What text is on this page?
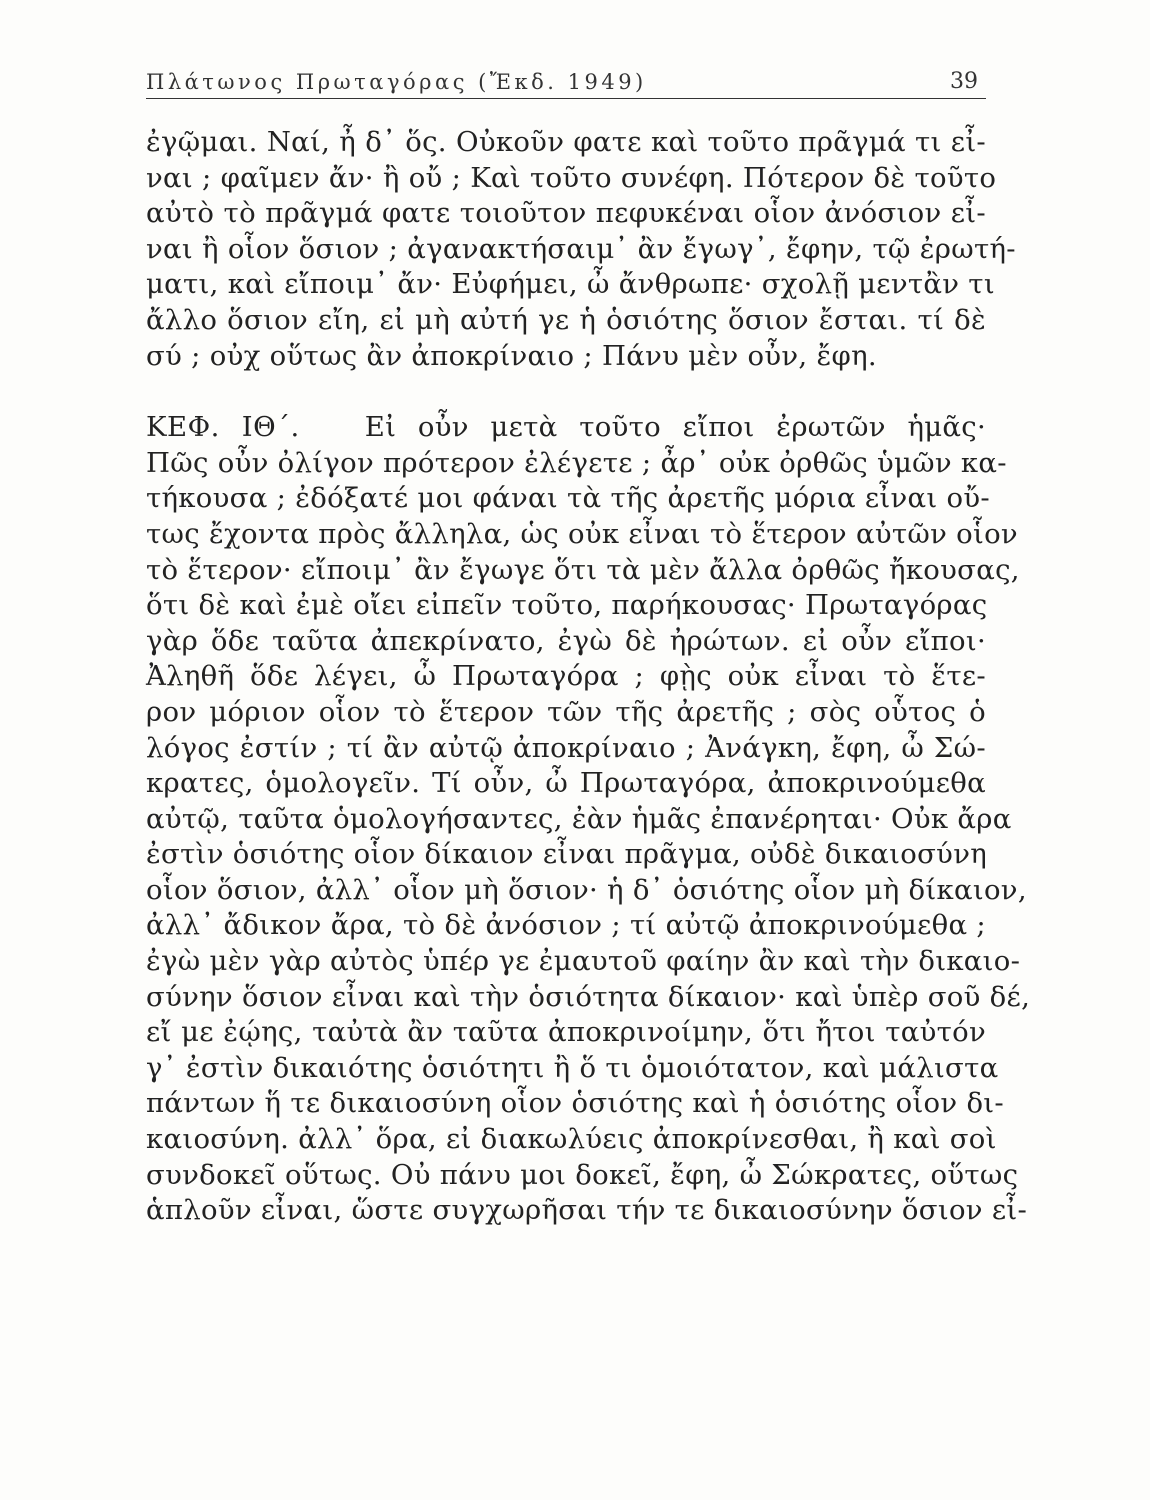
Πλάτωνος Πρωταγόρας (Ἔκδ. 1949)	39
ἐγῷμαι. Ναί, ἦ δ᾽ ὅς. Οὐκοῦν φατε καὶ τοῦτο πρᾶγμά τι εἶ-
ναι ; φαῖμεν ἄν· ἢ οὔ ; Καὶ τοῦτο συνέφη. Πότερον δὲ τοῦτο
αὐτὸ τὸ πρᾶγμά φατε τοιοῦτον πεφυκέναι οἷον ἀνόσιον εἶ-
ναι ἢ οἷον ὅσιον ; ἀγανακτήσαιμ᾽ ἂν ἔγωγ᾽, ἔφην, τῷ ἐρωτή-
ματι, καὶ εἴποιμ᾽ ἄν· Εὐφήμει, ὦ ἄνθρωπε· σχολῇ μεντἂν τι
ἄλλο ὅσιον εἴη, εἰ μὴ αὐτή γε ἡ ὁσιότης ὅσιον ἔσται. τί δὲ
σύ ; οὐχ οὕτως ἂν ἀποκρίναιο ; Πάνυ μὲν οὖν, ἔφη.
ΚΕΦ. ΙΘ΄. Εἰ οὖν μετὰ τοῦτο εἴποι ἐρωτῶν ἡμᾶς·
Πῶς οὖν ὀλίγον πρότερον ἐλέγετε ; ἆρ᾽ οὐκ ὀρθῶς ὑμῶν κα-
τήκουσα ; ἐδόξατέ μοι φάναι τὰ τῆς ἀρετῆς μόρια εἶναι οὔ-
τως ἔχοντα πρὸς ἄλληλα, ὡς οὐκ εἶναι τὸ ἕτερον αὐτῶν οἷον
τὸ ἕτερον· εἴποιμ᾽ ἂν ἔγωγε ὅτι τὰ μὲν ἄλλα ὀρθῶς ἤκουσας,
ὅτι δὲ καὶ ἐμὲ οἴει εἰπεῖν τοῦτο, παρήκουσας· Πρωταγόρας
γὰρ ὅδε ταῦτα ἀπεκρίνατο, ἐγὼ δὲ ἠρώτων. εἰ οὖν εἴποι·
Ἀληθῆ ὅδε λέγει, ὦ Πρωταγόρα ; φῂς οὐκ εἶναι τὸ ἕτε-
ρον μόριον οἷον τὸ ἕτερον τῶν τῆς ἀρετῆς ; σὸς οὗτος ὁ
λόγος ἐστίν ; τί ἂν αὐτῷ ἀποκρίναιο ; Ἀνάγκη, ἔφη, ὦ Σώ-
κρατες, ὁμολογεῖν. Τί οὖν, ὦ Πρωταγόρα, ἀποκρινούμεθα
αὐτῷ, ταῦτα ὁμολογήσαντες, ἐὰν ἡμᾶς ἐπανέρηται· Οὐκ ἄρα
ἐστὶν ὁσιότης οἷον δίκαιον εἶναι πρᾶγμα, οὐδὲ δικαιοσύνη
οἷον ὅσιον, ἀλλ᾽ οἷον μὴ ὅσιον· ἡ δ᾽ ὁσιότης οἷον μὴ δίκαιον,
ἀλλ᾽ ἄδικον ἄρα, τὸ δὲ ἀνόσιον ; τί αὐτῷ ἀποκρινούμεθα ;
ἐγὼ μὲν γὰρ αὐτὸς ὑπέρ γε ἐμαυτοῦ φαίην ἂν καὶ τὴν δικαιο-
σύνην ὅσιον εἶναι καὶ τὴν ὁσιότητα δίκαιον· καὶ ὑπὲρ σοῦ δέ,
εἴ με ἐῴης, ταὐτὰ ἂν ταῦτα ἀποκρινοίμην, ὅτι ἤτοι ταὐτόν
γ᾽ ἐστὶν δικαιότης ὁσιότητι ἢ ὅ τι ὁμοιότατον, καὶ μάλιστα
πάντων ἥ τε δικαιοσύνη οἷον ὁσιότης καὶ ἡ ὁσιότης οἷον δι-
καιοσύνη. ἀλλ᾽ ὅρα, εἰ διακωλύεις ἀποκρίνεσθαι, ἢ καὶ σοὶ
συνδοκεῖ οὕτως. Οὐ πάνυ μοι δοκεῖ, ἔφη, ὦ Σώκρατες, οὕτως
ἁπλοῦν εἶναι, ὥστε συγχωρῆσαι τήν τε δικαιοσύνην ὅσιον εἶ-
